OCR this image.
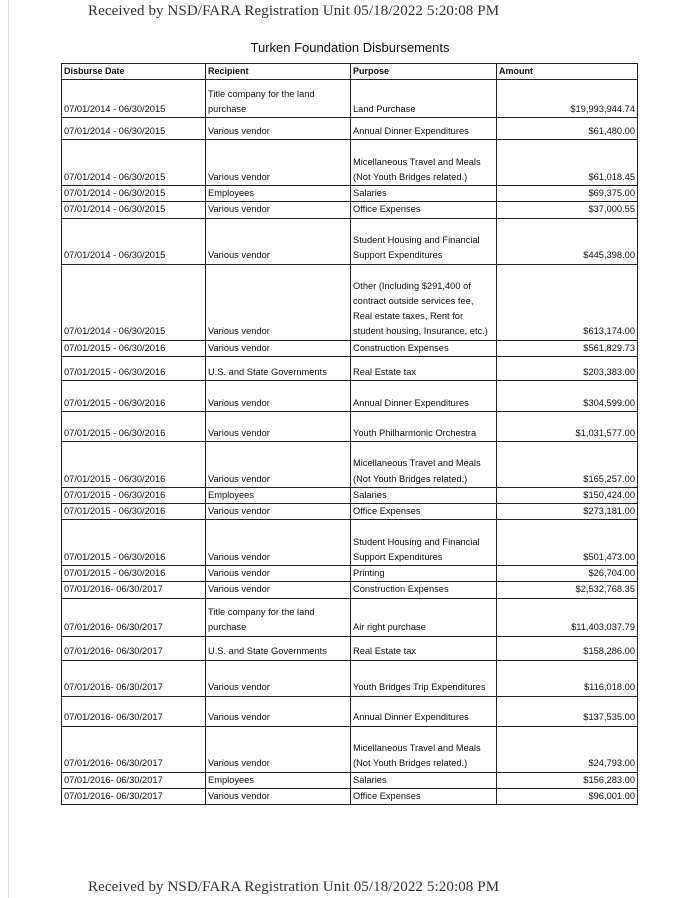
Received by NSD/FARA Registration Unit 05/18/2022 5:20:08 PM
Turken Foundation Disbursements
Disburse Date	Recipient	Purpose	Amount
07/01/2014 - 06/30/2015	Title company for the land purchase	Land Purchase	$19,993,944.74
07/01/2014 - 06/30/2015	Various vendor	Annual Dinner Expenditures	$61,480.00
07/01/2014 - 06/30/2015	Various vendor	Micellaneous Travel and Meals (Not Youth Bridges related.)	$61,018.45
07/01/2014 - 06/30/2015	Employees	Salaries	$69,375.00
07/01/2014 - 06/30/2015	Various vendor	Office Expenses	$37,000.55
07/01/2014 - 06/30/2015	Various vendor	Student Housing and Financial Support Expenditures	$445,398.00
07/01/2014 - 06/30/2015	Various vendor	Other (Including $291,400 of contract outside services fee, Real estate taxes, Rent for student housing, Insurance, etc.)	$613,174.00
07/01/2015 - 06/30/2016	Various vendor	Construction Expenses	$561,829.73
07/01/2015 - 06/30/2016	U.S. and State Governments	Real Estate tax	$203,383.00
07/01/2015 - 06/30/2016	Various vendor	Annual Dinner Expenditures	$304,599.00
07/01/2015 - 06/30/2016	Various vendor	Youth Philharmonic Orchestra	$1,031,577.00
07/01/2015 - 06/30/2016	Various vendor	Micellaneous Travel and Meals (Not Youth Bridges related.)	$165,257.00
07/01/2015 - 06/30/2016	Employees	Salaries	$150,424.00
07/01/2015 - 06/30/2016	Various vendor	Office Expenses	$273,181.00
07/01/2015 - 06/30/2016	Various vendor	Student Housing and Financial Support Expenditures	$501,473.00
07/01/2015 - 06/30/2016	Various vendor	Printing	$26,704.00
07/01/2016- 06/30/2017	Various vendor	Construction Expenses	$2,532,768.35
07/01/2016- 06/30/2017	Title company for the land purchase	Air right purchase	$11,403,037.79
07/01/2016- 06/30/2017	U.S. and State Governments	Real Estate tax	$158,286.00
07/01/2016- 06/30/2017	Various vendor	Youth Bridges Trip Expenditures	$116,018.00
07/01/2016- 06/30/2017	Various vendor	Annual Dinner Expenditures	$137,535.00
07/01/2016- 06/30/2017	Various vendor	Micellaneous Travel and Meals (Not Youth Bridges related.)	$24,793.00
07/01/2016- 06/30/2017	Employees	Salaries	$156,283.00
07/01/2016- 06/30/2017	Various vendor	Office Expenses	$96,001.00
Received by NSD/FARA Registration Unit 05/18/2022 5:20:08 PM
